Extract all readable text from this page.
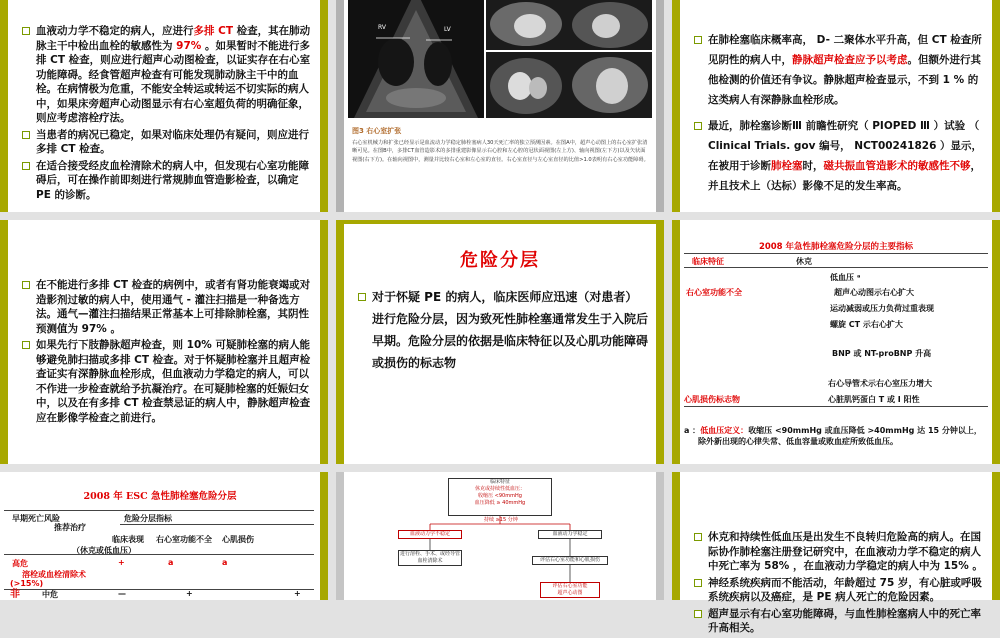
血液动力学不稳定的病人，应进行多排 CT 检查，其在肺动脉主干中检出血栓的敏感性为 97% 。如果暂时不能进行多排 CT 检查，则应进行超声心动图检查，以证实存在右心室功能障碍。经食管超声检查有可能发现肺动脉主干中的血栓。在病情极为危重，不能安全转运或转运不切实际的病人中，如果床旁超声心动图显示有右心室超负荷的明确征象，则应考虑溶栓疗法。
当患者的病况已稳定，如果对临床处理仍有疑问，则应进行多排 CT 检查。
在适合接受经皮血栓清除术的病人中，但发现右心室功能障碍后，可在操作前即刻进行常规肺血管造影检查，以确定 PE 的诊断。
RV	LV
图3 右心室扩张
右心室机械力和扩张已经显示是血流动力学稳定肺栓塞病人30天死亡率的独立预测因素。在图A中，超声心动图上的右心室扩张清晰可见。在图B中，多排CT血管造影术的多排重建影像显示右心腔和左心腔的冠状面视图(左上方)、轴向视图(左下方)以及矢状面视图(右下方)。在轴向视图中，测量并比较右心室和左心室的直径。右心室直径与左心室直径的比值>1.0表明有右心室功能障碍。
在肺栓塞临床概率高， D- 二聚体水平升高，但 CT 检查所见阴性的病人中，静脉超声检查应予以考虑。但额外进行其他检测的价值还有争议。静脉超声检查显示，不到 1 % 的这类病人有深静脉血栓形成。
最近，肺栓塞诊断Ⅲ 前瞻性研究（ PIOPED Ⅲ ）试验 （ Clinical Trials. gov 编号， NCT00241826 ）显示，在被用于诊断肺栓塞时，磁共振血管造影术的敏感性不够，并且技术上（达标）影像不足的发生率高。
在不能进行多排 CT 检查的病例中，或者有肾功能衰竭或对造影剂过敏的病人中，使用通气 - 灌注扫描是一种备选方法。通气—灌注扫描结果正常基本上可排除肺栓塞，其阴性预测值为 97% 。
如果先行下肢静脉超声检查，则 10% 可疑肺栓塞的病人能够避免肺扫描或多排 CT 检查。对于怀疑肺栓塞并且超声检查证实有深静脉血栓形成，但血液动力学稳定的病人，可以不作进一步检查就给予抗凝治疗。在可疑肺栓塞的妊娠妇女中，以及在有多排 CT 检查禁忌证的病人中，静脉超声检查应在影像学检查之前进行。
危险分层
对于怀疑 PE 的病人，临床医师应迅速（对患者）进行危险分层，因为致死性肺栓塞通常发生于入院后早期。危险分层的依据是临床特征以及心肌功能障碍或损伤的标志物
2008 年急性肺栓塞危险分层的主要指标
临床特征	休克
低血压 ᵃ
右心室功能不全	超声心动图示右心扩大
运动减弱或压力负荷过重表现
螺旋 CT 示右心扩大
BNP 或 NT-proBNP 升高
右心导管术示右心室压力增大
心肌损伤标志物	心脏肌钙蛋白 T 或 I 阳性
a ：低血压定义：收缩压 <90mmHg 或血压降低 >40mmHg 达 15 分钟以上，
除外新出现的心律失常、低血容量或败血症所致低血压。
2008 年 ESC 急性肺栓塞危险分层
早期死亡风险	危险分层指标
推荐治疗
临床表现 右心室功能不全 心肌损伤
（休克或低血压）
高危	+	a	a
溶栓或血栓清除术
(>15%)
非	中危	—	+	+
临床特征
休克或持续性低血压：
收缩压 <90mmHg
血压降低 ≥ 40mmHg
持续 ≥15 分钟
血液动力学不稳定	血液动力学稳定
进行溶栓、手术、或经导管血栓清除术	评估右心室功能和心肌损伤
评估右心室功能
超声心动图
休克和持续性低血压是出发生不良转归危险高的病人。在国际协作肺栓塞注册登记研究中，在血液动力学不稳定的病人中死亡率为 58% ，在血液动力学稳定的病人中为 15% 。
神经系统疾病而不能活动，年龄超过 75 岁，有心脏或呼吸系统疾病以及癌症，是 PE 病人死亡的危险因素。
超声显示有右心室功能障碍，与血性肺栓塞病人中的死亡率升高相关。
